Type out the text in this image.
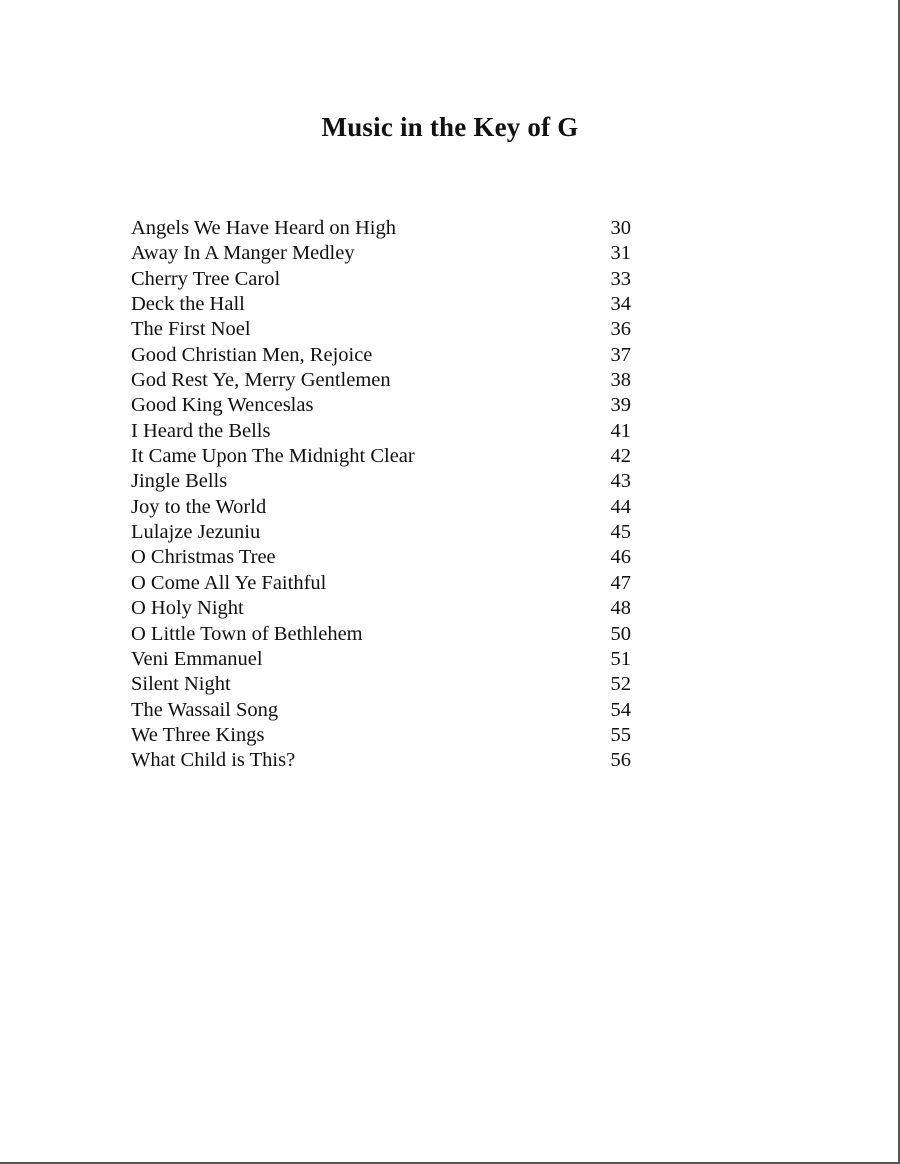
Music in the Key of G
Angels We Have Heard on High	30
Away In A Manger Medley	31
Cherry Tree Carol	33
Deck the Hall	34
The First Noel	36
Good Christian Men, Rejoice	37
God Rest Ye, Merry Gentlemen	38
Good King Wenceslas	39
I Heard the Bells	41
It Came Upon The Midnight Clear	42
Jingle Bells	43
Joy to the World	44
Lulajze Jezuniu	45
O Christmas Tree	46
O Come All Ye Faithful	47
O Holy Night	48
O Little Town of Bethlehem	50
Veni Emmanuel	51
Silent Night	52
The Wassail Song	54
We Three Kings	55
What Child is This?	56
